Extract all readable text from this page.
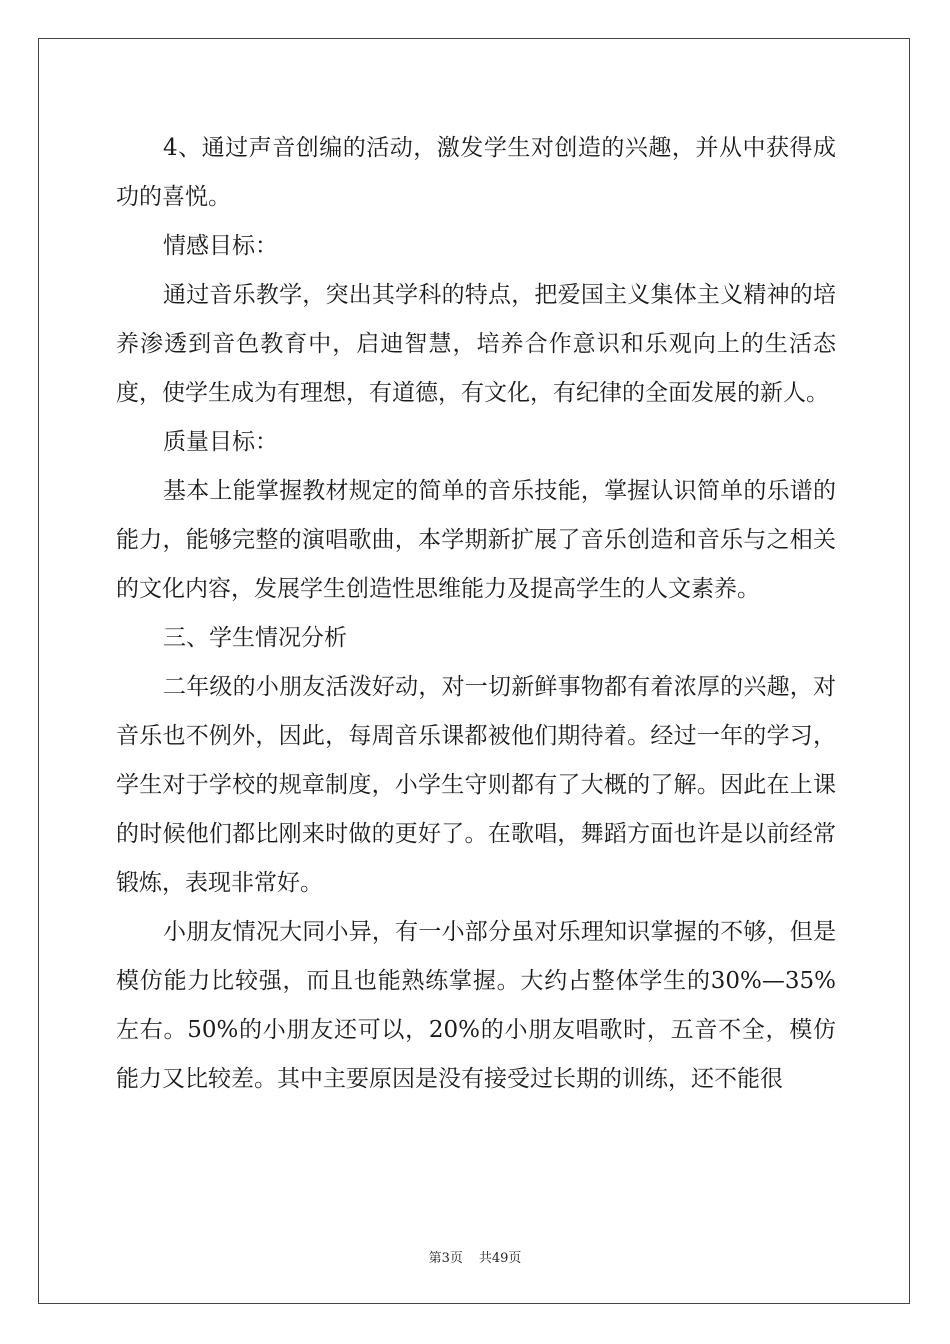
4、通过声音创编的活动，激发学生对创造的兴趣，并从中获得成功的喜悦。

情感目标：

通过音乐教学，突出其学科的特点，把爱国主义集体主义精神的培养渗透到音色教育中，启迪智慧，培养合作意识和乐观向上的生活态度，使学生成为有理想，有道德，有文化，有纪律的全面发展的新人。

质量目标：

基本上能掌握教材规定的简单的音乐技能，掌握认识简单的乐谱的能力，能够完整的演唱歌曲，本学期新扩展了音乐创造和音乐与之相关的文化内容，发展学生创造性思维能力及提高学生的人文素养。

三、学生情况分析

二年级的小朋友活泼好动，对一切新鲜事物都有着浓厚的兴趣，对音乐也不例外，因此，每周音乐课都被他们期待着。经过一年的学习，学生对于学校的规章制度，小学生守则都有了大概的了解。因此在上课的时候他们都比刚来时做的更好了。在歌唱，舞蹈方面也许是以前经常锻炼，表现非常好。

小朋友情况大同小异，有一小部分虽对乐理知识掌握的不够，但是模仿能力比较强，而且也能熟练掌握。大约占整体学生的30%—35%左右。50%的小朋友还可以，20%的小朋友唱歌时，五音不全，模仿能力又比较差。其中主要原因是没有接受过长期的训练，还不能很

第3页 共49页
